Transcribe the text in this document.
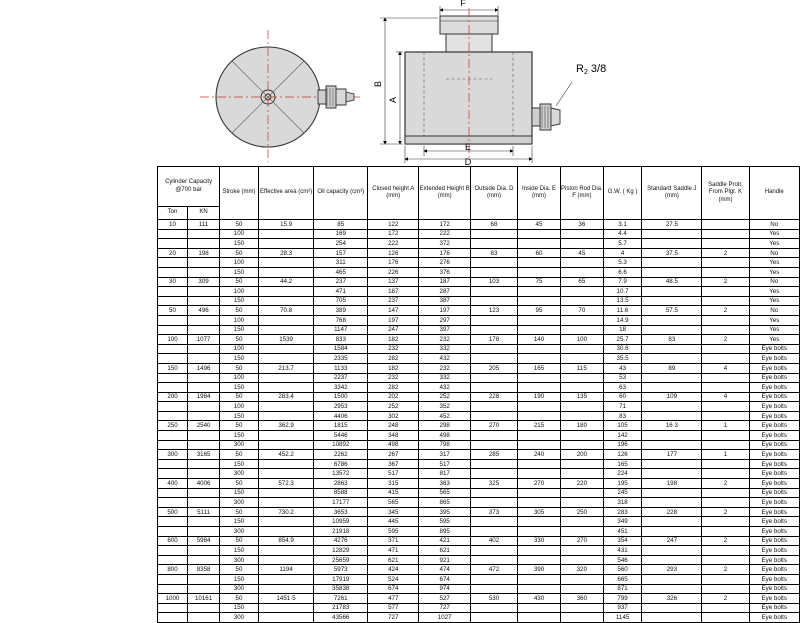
F
B
A
E
D
R2 3/8
Cylinder Capacity @700 bar		Stroke (mm)	Effective area (cm²)	Oil capacity (cm³)	Closed height A (mm)	Extended Height B (mm)	Outside Dia. D (mm)	Inside Dia. E (mm)	Piston Rod Dia. F (mm)	G.W. ( Kg )	Standard Saddle J (mm)	Saddle Protr. From Plgr. K (mm)	Handle
Ton	KN												
10	111	50	15.9	85	122	172	68	45	36	3.1	27.5		No
		100		169	172	222				4.4			Yes
		150		254	222	372				5.7			Yes
20	198	50	28.3	157	126	176	83	60	45	4	37.5	2	No
		100		311	176	276				5.3			Yes
		150		465	226	376				6.6			Yes
30	309	50	44.2	237	137	187	103	75	65	7.9	48.5	2	No
		100		471	187	287				10.7			Yes
		150		705	237	387				13.5			Yes
50	496	50	70.8	389	147	197	123	95	70	11.6	57.5	2	No
		100		768	197	297				14.9			Yes
		150		1147	247	397				18			Yes
100	1077	50	1539	833	182	232	178	140	100	25.7	83	2	Yes
		100		1584	232	332				30.6			Eye bolts
		150		2335	282	432				35.5			Eye bolts
150	1496	50	213.7	1133	182	232	205	165	115	43	89	4	Eye bolts
		100		2237	232	332				53			Eye bolts
		150		3342	282	432				63			Eye bolts
200	1984	50	283.4	1500	202	252	228	190	135	60	109	4	Eye bolts
		100		2953	252	352				71			Eye bolts
		150		4406	302	452				83			Eye bolts
250	2540	50	362.9	1815	248	298	270	215	180	105	16 3	1	Eye bolts
		150		5446	348	498				142			Eye bolts
		300		10892	498	798				196			Eye bolts
300	3165	50	452.2	2262	267	317	285	240	200	126	177	1	Eye bolts
		150		6786	367	517				165			Eye bolts
		300		13572	517	817				224			Eye bolts
400	4006	50	572.3	2863	315	363	325	270	220	195	198	2	Eye bolts
		150		8588	415	565				245			Eye bolts
		300		17177	565	865				318			Eye bolts
500	5111	50	730.2	3653	345	395	373	305	250	283	228	2	Eye bolts
		150		10959	445	595				349			Eye bolts
		300		21918	595	895				451			Eye bolts
600	5984	50	854.9	4276	371	421	402	330	270	354	247	2	Eye bolts
		150		12829	471	621				431			Eye bolts
		300		25659	621	921				546			Eye bolts
800	8358	50	1194	5973	424	474	472	390	320	560	293	2	Eye bolts
		150		17919	524	674				665			Eye bolts
		300		35838	674	974				871			Eye bolts
1000	10161	50	1451·5	7261	477	527	530	430	360	799	326	2	Eye bolts
		150		21783	577	727				937			Eye bolts
		300		43566	727	1027				1145			Eye bolts
